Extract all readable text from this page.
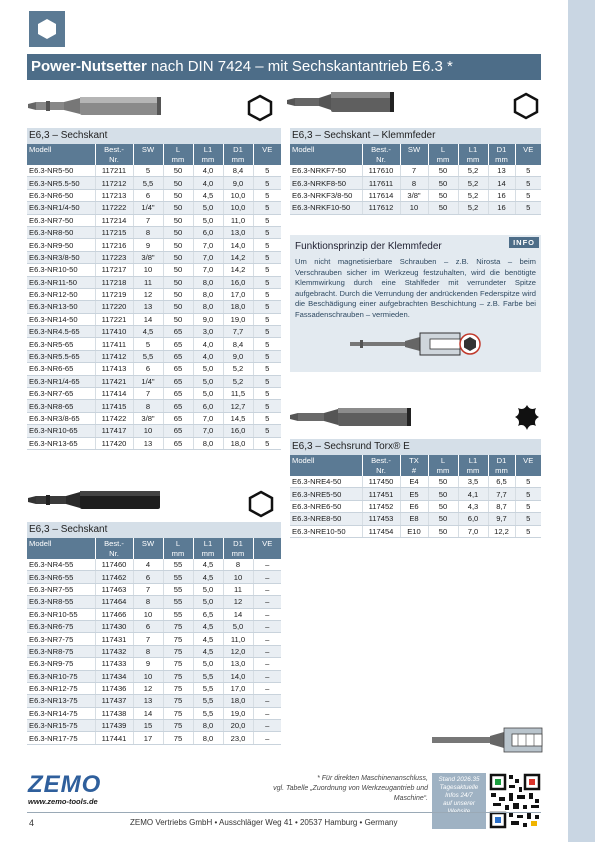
Power-Nutsetter nach DIN 7424 – mit Sechskantantrieb E6.3 *
E6,3 – Sechskant
Modell	Best.-	SW	L	L1	D1	VE
	Nr.		mm	mm	mm	
E6.3-NR5-50	117211	5	50	4,0	8,4	5
E6.3-NR5.5-50	117212	5,5	50	4,0	9,0	5
E6.3-NR6-50	117213	6	50	4,5	10,0	5
E6.3-NR1/4-50	117222	1/4"	50	5,0	10,0	5
E6.3-NR7-50	117214	7	50	5,0	11,0	5
E6.3-NR8-50	117215	8	50	6,0	13,0	5
E6.3-NR9-50	117216	9	50	7,0	14,0	5
E6.3-NR3/8-50	117223	3/8"	50	7,0	14,2	5
E6.3-NR10-50	117217	10	50	7,0	14,2	5
E6.3-NR11-50	117218	11	50	8,0	16,0	5
E6.3-NR12-50	117219	12	50	8,0	17,0	5
E6.3-NR13-50	117220	13	50	8,0	18,0	5
E6.3-NR14-50	117221	14	50	9,0	19,0	5
E6.3-NR4.5-65	117410	4,5	65	3,0	7,7	5
E6.3-NR5-65	117411	5	65	4,0	8,4	5
E6.3-NR5.5-65	117412	5,5	65	4,0	9,0	5
E6.3-NR6-65	117413	6	65	5,0	5,2	5
E6.3-NR1/4-65	117421	1/4"	65	5,0	5,2	5
E6.3-NR7-65	117414	7	65	5,0	11,5	5
E6.3-NR8-65	117415	8	65	6,0	12,7	5
E6.3-NR3/8-65	117422	3/8"	65	7,0	14,5	5
E6.3-NR10-65	117417	10	65	7,0	16,0	5
E6.3-NR13-65	117420	13	65	8,0	18,0	5
E6,3 – Sechskant – Klemmfeder
Modell	Best.-	SW	L	L1	D1	VE
	Nr.		mm	mm	mm	
E6.3-NRKF7-50	117610	7	50	5,2	13	5
E6.3-NRKF8-50	117611	8	50	5,2	14	5
E6.3-NRKF3/8-50	117614	3/8"	50	5,2	16	5
E6.3-NRKF10-50	117612	10	50	5,2	16	5
Funktionsprinzip der Klemmfeder	INFO
Um nicht magnetisierbare Schrauben – z.B. Nirosta – beim Verschrauben sicher im Werkzeug festzuhalten, wird die benötigte Klemmwirkung durch eine Stahlfeder mit verrundeter Spitze aufgebracht. Durch die Verrundung der andrückenden Federspitze wird die Beschädigung einer aufgebrachten Beschichtung – z.B. Farbe bei Fassadenschrauben – vermieden.
E6,3 – Sechsrund Torx® E
Modell	Best.-	TX	L	L1	D1	VE
	Nr.	#	mm	mm	mm	
E6.3-NRE4-50	117450	E4	50	3,5	6,5	5
E6.3-NRE5-50	117451	E5	50	4,1	7,7	5
E6.3-NRE6-50	117452	E6	50	4,3	8,7	5
E6.3-NRE8-50	117453	E8	50	6,0	9,7	5
E6.3-NRE10-50	117454	E10	50	7,0	12,2	5
E6,3 – Sechskant
Modell	Best.-	SW	L	L1	D1	VE
	Nr.		mm	mm	mm	
E6.3-NR4-55	117460	4	55	4,5	8	–
E6.3-NR6-55	117462	6	55	4,5	10	–
E6.3-NR7-55	117463	7	55	5,0	11	–
E6.3-NR8-55	117464	8	55	5,0	12	–
E6.3-NR10-55	117466	10	55	6,5	14	–
E6.3-NR6-75	117430	6	75	4,5	5,0	–
E6.3-NR7-75	117431	7	75	4,5	11,0	–
E6.3-NR8-75	117432	8	75	4,5	12,0	–
E6.3-NR9-75	117433	9	75	5,0	13,0	–
E6.3-NR10-75	117434	10	75	5,5	14,0	–
E6.3-NR12-75	117436	12	75	5,5	17,0	–
E6.3-NR13-75	117437	13	75	5,5	18,0	–
E6.3-NR14-75	117438	14	75	5,5	19,0	–
E6.3-NR15-75	117439	15	75	8,0	20,0	–
E6.3-NR17-75	117441	17	75	8,0	23,0	–
ZEMO
www.zemo-tools.de
* Für direkten Maschinenanschluss,
vgl. Tabelle „Zuordnung von Werkzeugantrieb und Maschine“.
Stand 2026.35
Tagesaktuelle
Infos 24/7
auf unserer
4	ZEMO Vertriebs GmbH • Ausschläger Weg 41 • 20537 Hamburg • Germany
